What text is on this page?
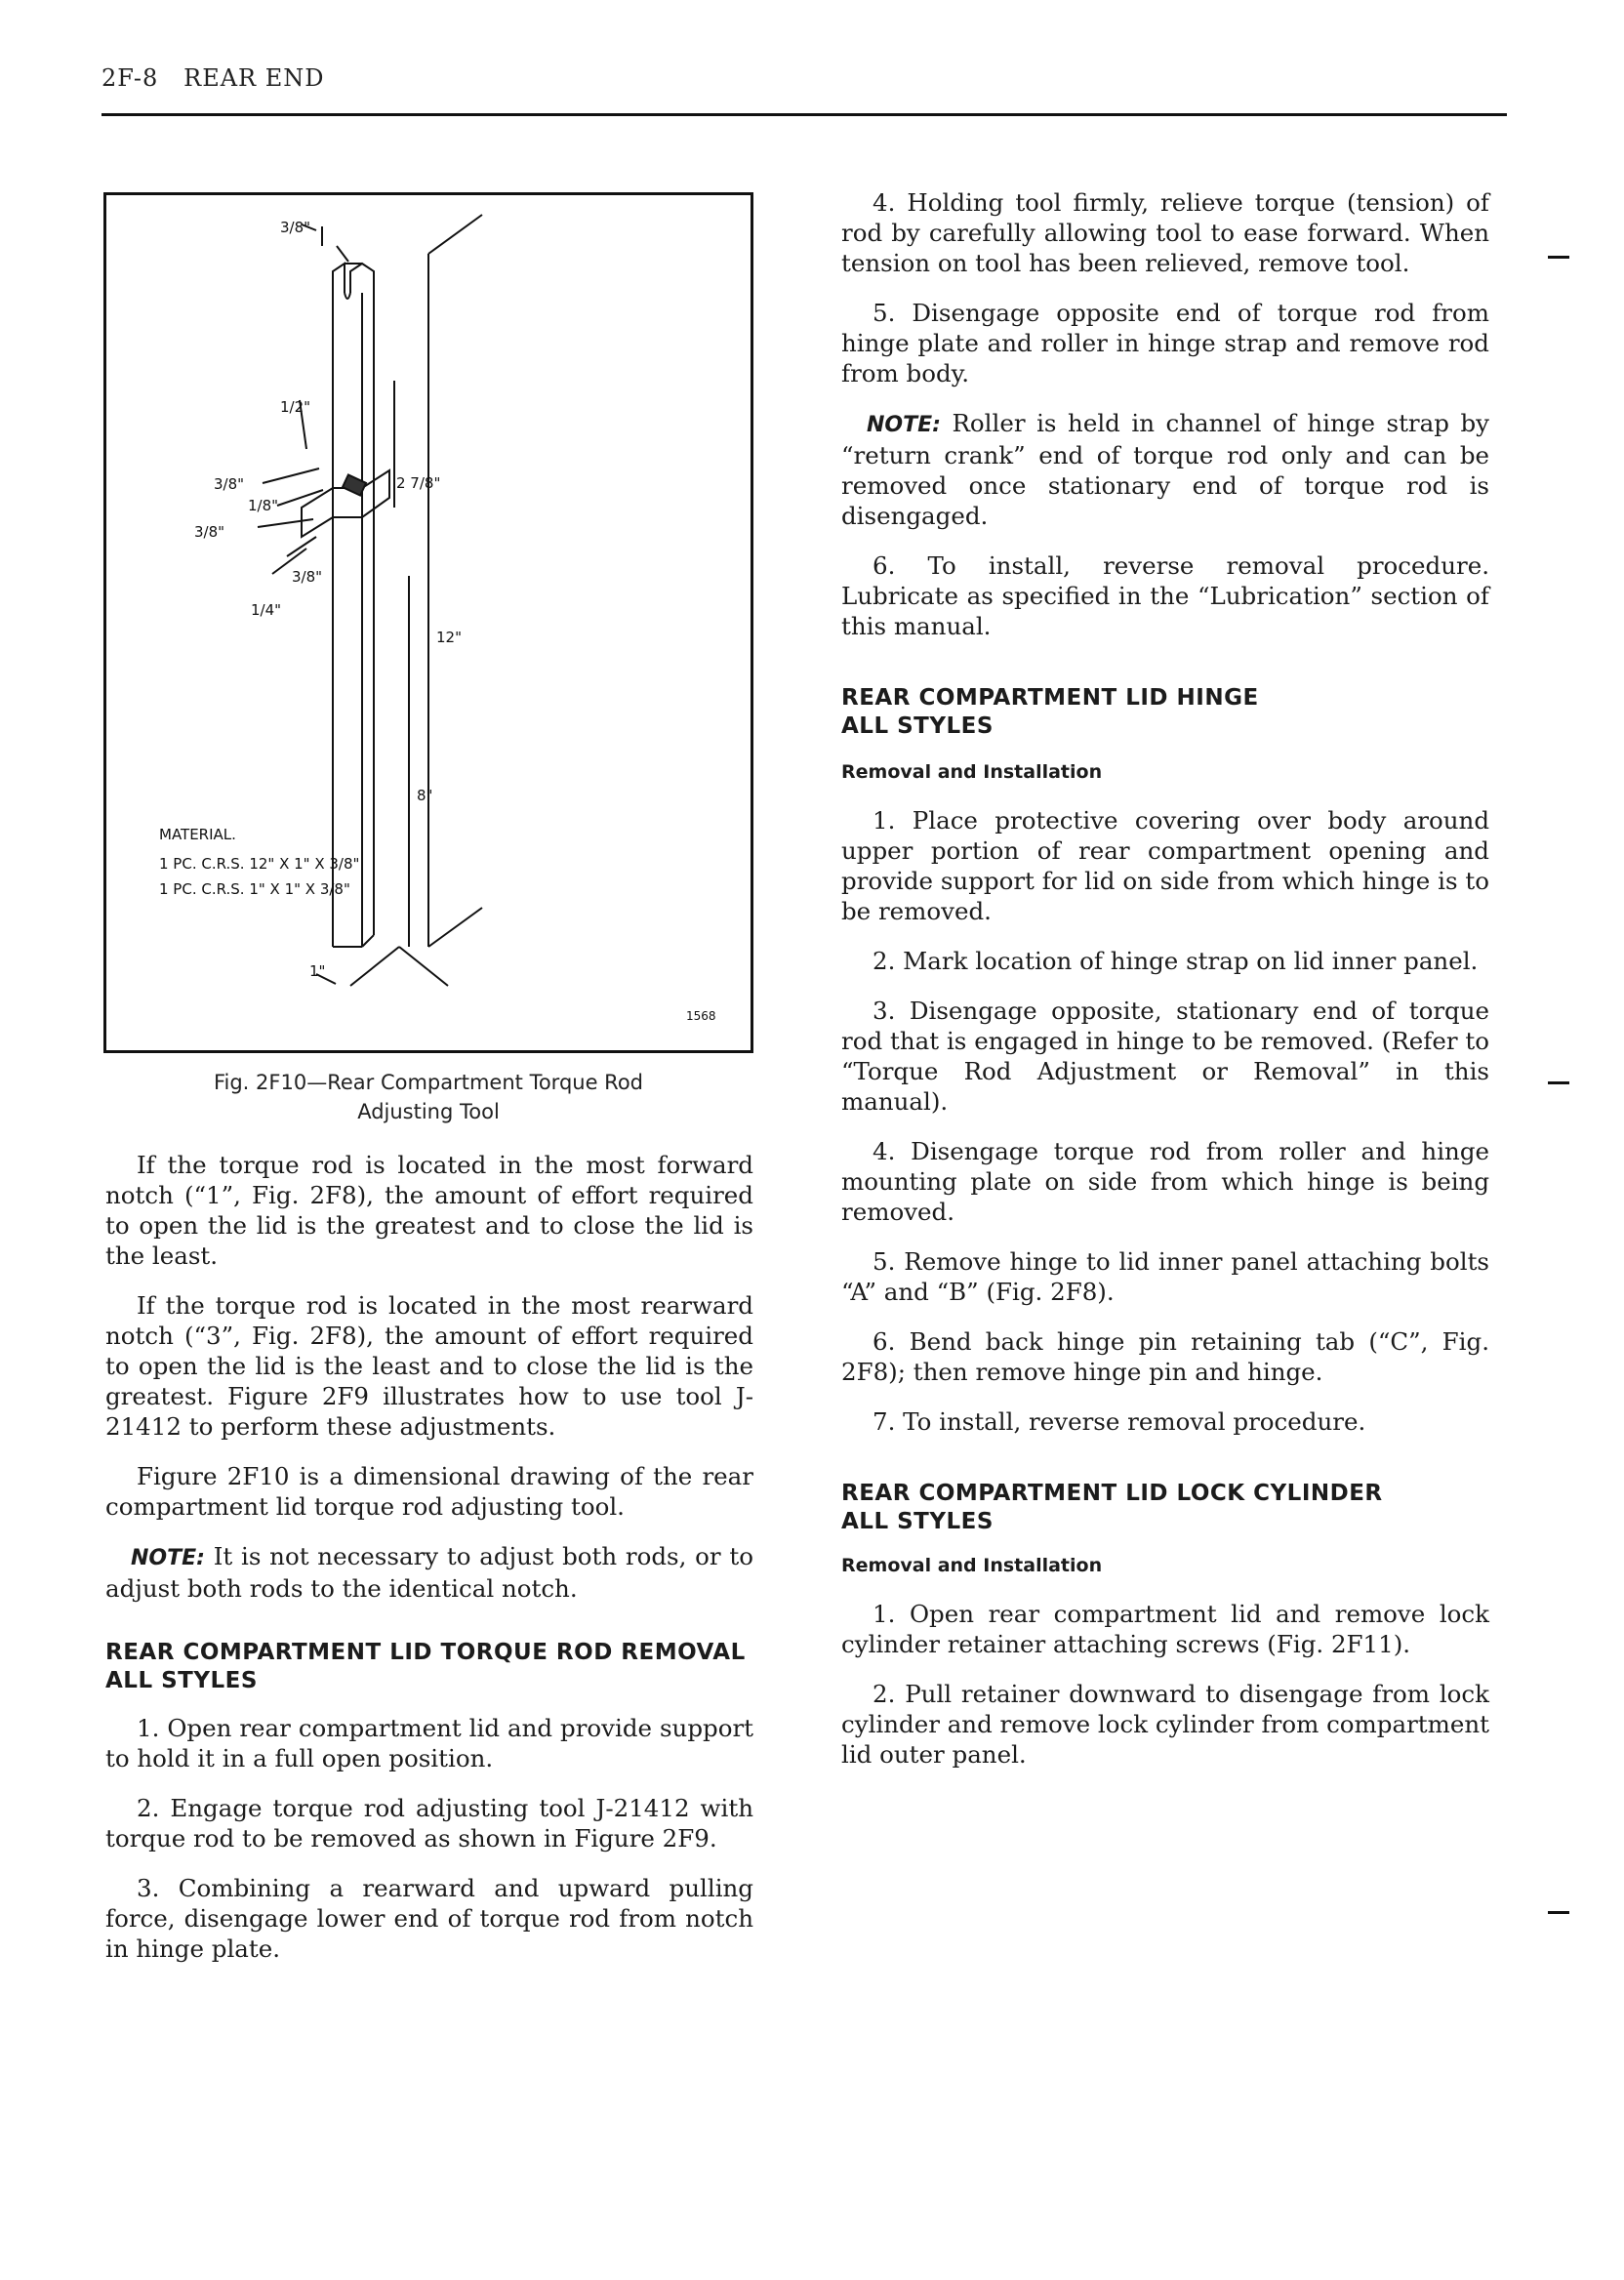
2F-8 REAR END
3/8"
1/2"
3/8"
1/8"
3/8"
3/8"
1/4"
2 7/8"
12"
8"
1"
1568
MATERIAL.
1 PC. C.R.S. 12" X 1" X 3/8"
1 PC. C.R.S. 1" X 1" X 3/8"
Fig. 2F10—Rear Compartment Torque Rod
Adjusting Tool

If the torque rod is located in the most forward notch (“1”, Fig. 2F8), the amount of effort required to open the lid is the greatest and to close the lid is the least.

If the torque rod is located in the most rearward notch (“3”, Fig. 2F8), the amount of effort required to open the lid is the least and to close the lid is the greatest. Figure 2F9 illustrates how to use tool J-21412 to perform these adjustments.

Figure 2F10 is a dimensional drawing of the rear compartment lid torque rod adjusting tool.

NOTE: It is not necessary to adjust both rods, or to adjust both rods to the identical notch.

REAR COMPARTMENT LID TORQUE ROD REMOVAL

ALL STYLES

1. Open rear compartment lid and provide support to hold it in a full open position.

2. Engage torque rod adjusting tool J-21412 with torque rod to be removed as shown in Figure 2F9.

3. Combining a rearward and upward pulling force, disengage lower end of torque rod from notch in hinge plate.

4. Holding tool firmly, relieve torque (tension) of rod by carefully allowing tool to ease forward. When tension on tool has been relieved, remove tool.

5. Disengage opposite end of torque rod from hinge plate and roller in hinge strap and remove rod from body.

NOTE: Roller is held in channel of hinge strap by “return crank” end of torque rod only and can be removed once stationary end of torque rod is disengaged.

6. To install, reverse removal procedure. Lubricate as specified in the “Lubrication” section of this manual.

REAR COMPARTMENT LID HINGE

ALL STYLES

Removal and Installation

1. Place protective covering over body around upper portion of rear compartment opening and provide support for lid on side from which hinge is to be removed.

2. Mark location of hinge strap on lid inner panel.

3. Disengage opposite, stationary end of torque rod that is engaged in hinge to be removed. (Refer to “Torque Rod Adjustment or Removal” in this manual).

4. Disengage torque rod from roller and hinge mounting plate on side from which hinge is being removed.

5. Remove hinge to lid inner panel attaching bolts “A” and “B” (Fig. 2F8).

6. Bend back hinge pin retaining tab (“C”, Fig. 2F8); then remove hinge pin and hinge.

7. To install, reverse removal procedure.

REAR COMPARTMENT LID LOCK CYLINDER

ALL STYLES

Removal and Installation

1. Open rear compartment lid and remove lock cylinder retainer attaching screws (Fig. 2F11).

2. Pull retainer downward to disengage from lock cylinder and remove lock cylinder from compartment lid outer panel.
